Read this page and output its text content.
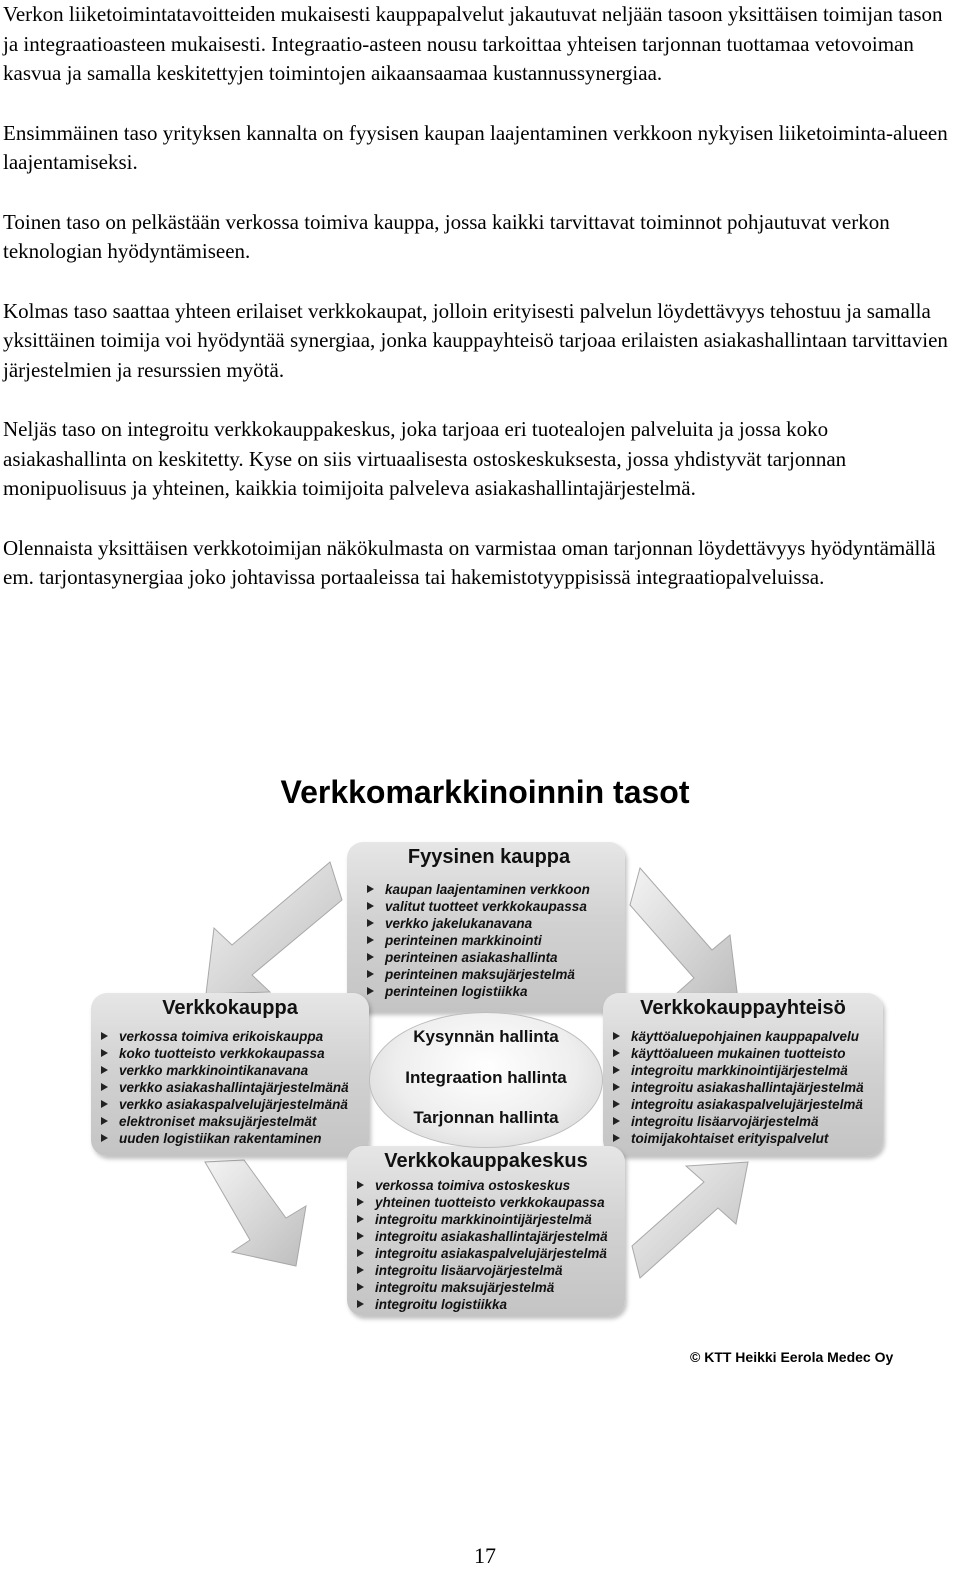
Verkon liiketoimintatavoitteiden mukaisesti kauppapalvelut jakautuvat neljään tasoon yksittäisen toimijan tason ja integraatioasteen mukaisesti. Integraatio-asteen nousu tarkoittaa yhteisen tarjonnan tuottamaa vetovoiman kasvua ja samalla keskitettyjen toimintojen aikaansaamaa kustannussynergiaa.

Ensimmäinen taso yrityksen kannalta on fyysisen kaupan laajentaminen verkkoon nykyisen liiketoiminta-alueen laajentamiseksi.

Toinen taso on pelkästään verkossa toimiva kauppa, jossa kaikki tarvittavat toiminnot pohjautuvat verkon teknologian hyödyntämiseen.

Kolmas taso saattaa yhteen erilaiset verkkokaupat, jolloin erityisesti palvelun löydettävyys tehostuu ja samalla yksittäinen toimija voi hyödyntää synergiaa, jonka kauppayhteisö tarjoaa erilaisten asiakashallintaan tarvittavien järjestelmien ja resurssien myötä.

Neljäs taso on integroitu verkkokauppakeskus, joka tarjoaa eri tuotealojen palveluita ja jossa koko asiakashallinta on keskitetty. Kyse on siis virtuaalisesta ostoskeskuksesta, jossa yhdistyvät tarjonnan monipuolisuus ja yhteinen, kaikkia toimijoita palveleva asiakashallintajärjestelmä.

Olennaista yksittäisen verkkotoimijan näkökulmasta on varmistaa oman tarjonnan löydettävyys hyödyntämällä em. tarjontasynergiaa joko johtavissa portaaleissa tai hakemistotyyppisissä integraatiopalveluissa.

Verkkomarkkinoinnin tasot
Fyysinen kauppa
kaupan laajentaminen verkkoon
valitut tuotteet verkkokaupassa
verkko jakelukanavana
perinteinen markkinointi
perinteinen asiakashallinta
perinteinen maksujärjestelmä
perinteinen logistiikka
Verkkokauppa
verkossa toimiva erikoiskauppa
koko tuotteisto verkkokaupassa
verkko markkinointikanavana
verkko asiakashallintajärjestelmänä
verkko asiakaspalvelujärjestelmänä
elektroniset maksujärjestelmät
uuden logistiikan rakentaminen
Verkkokauppayhteisö
käyttöaluepohjainen kauppapalvelu
käyttöalueen mukainen tuotteisto
integroitu markkinointijärjestelmä
integroitu asiakashallintajärjestelmä
integroitu asiakaspalvelujärjestelmä
integroitu lisäarvojärjestelmä
toimijakohtaiset erityispalvelut
Verkkokauppakeskus
verkossa toimiva ostoskeskus
yhteinen tuotteisto verkkokaupassa
integroitu markkinointijärjestelmä
integroitu asiakashallintajärjestelmä
integroitu asiakaspalvelujärjestelmä
integroitu lisäarvojärjestelmä
integroitu maksujärjestelmä
integroitu logistiikka
Kysynnän hallinta
Integraation hallinta
Tarjonnan hallinta
© KTT Heikki Eerola Medec Oy
17
